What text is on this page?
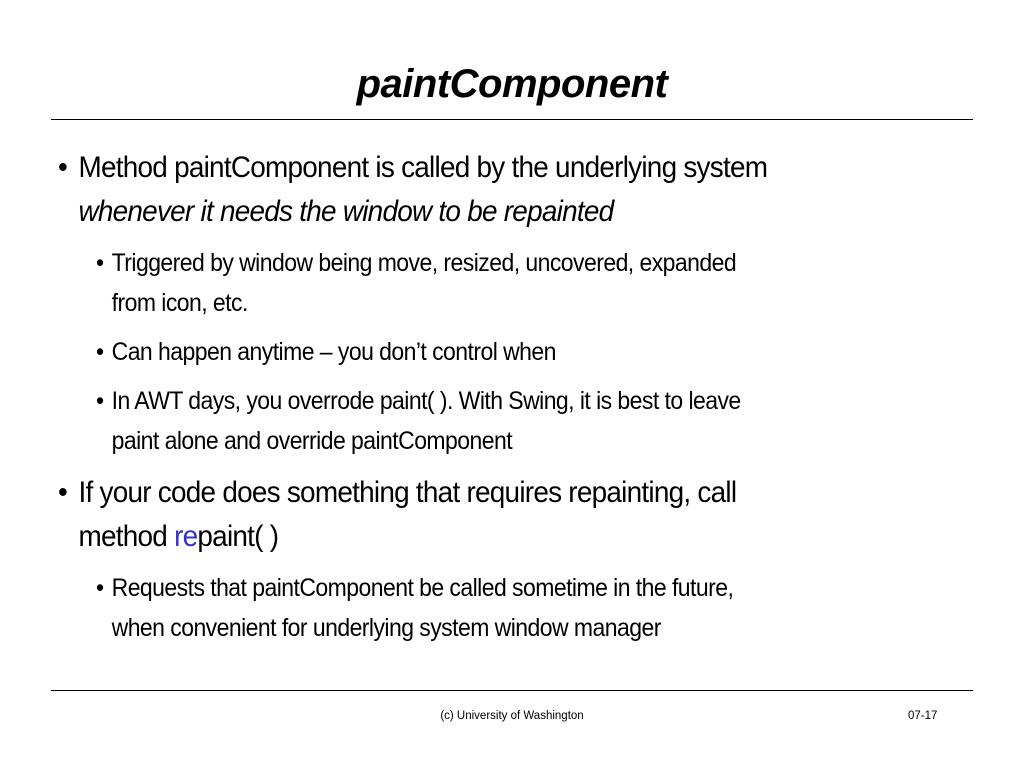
paintComponent
• Method paintComponent is called by the underlying system
whenever it needs the window to be repainted
• Triggered by window being move, resized, uncovered, expanded
from icon, etc.
• Can happen anytime – you don’t control when
• In AWT days, you overrode paint( ). With Swing, it is best to leave
paint alone and override paintComponent
• If your code does something that requires repainting, call
method repaint( )
• Requests that paintComponent be called sometime in the future,
when convenient for underlying system window manager
(c) University of Washington	07-17
